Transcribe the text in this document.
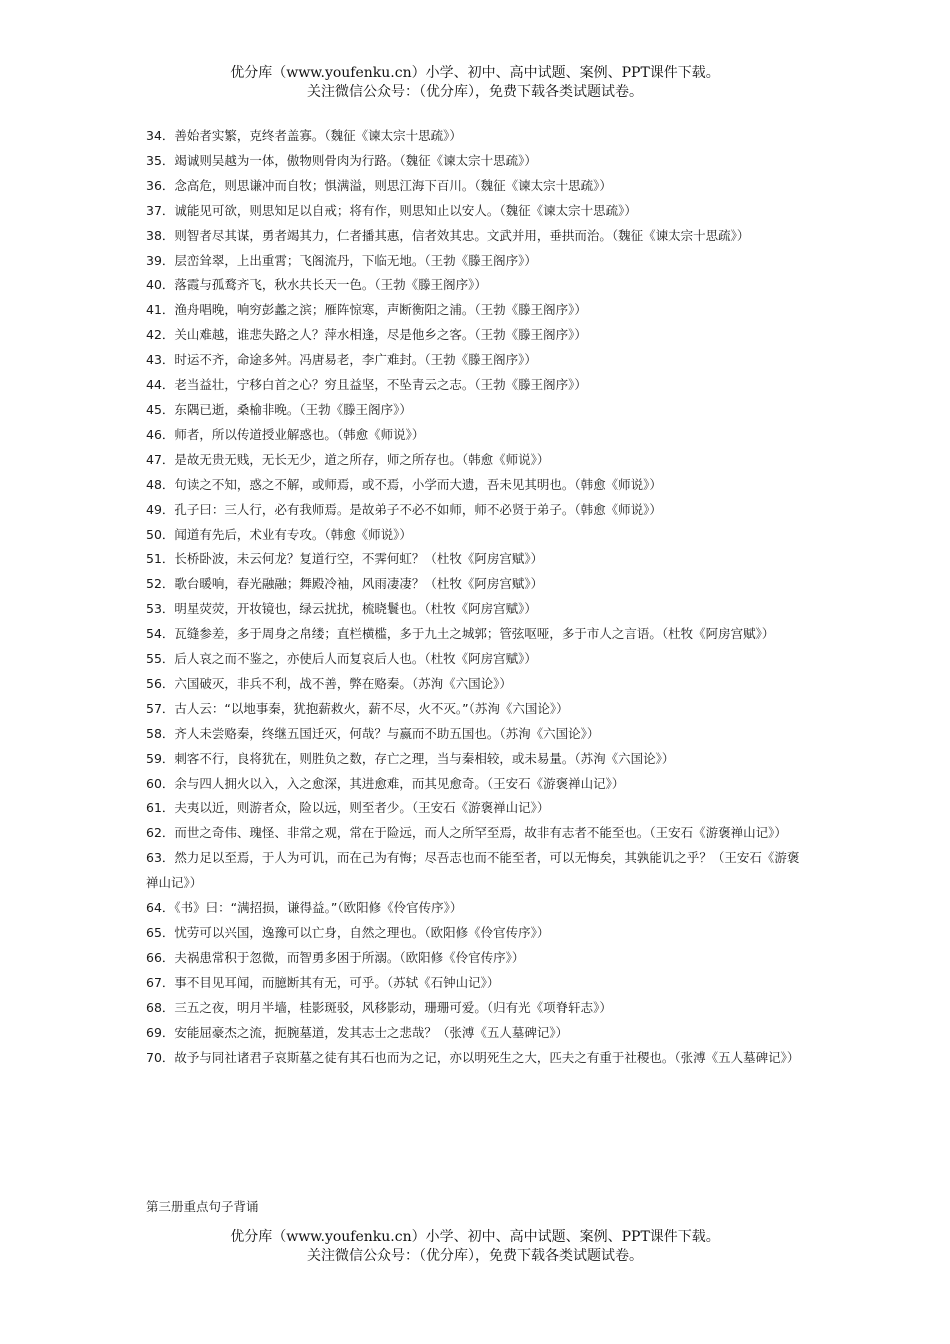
优分库（www.youfenku.cn）小学、初中、高中试题、案例、PPT课件下载。
关注微信公众号：（优分库），免费下载各类试题试卷。

34．善始者实繁，克终者盖寡。（魏征《谏太宗十思疏》）

35．竭诚则吴越为一体，傲物则骨肉为行路。（魏征《谏太宗十思疏》）

36．念高危，则思谦冲而自牧；惧满溢，则思江海下百川。（魏征《谏太宗十思疏》）

37．诚能见可欲，则思知足以自戒；将有作，则思知止以安人。（魏征《谏太宗十思疏》）

38．则智者尽其谋，勇者竭其力，仁者播其惠，信者效其忠。文武并用，垂拱而治。（魏征《谏太宗十思疏》）

39．层峦耸翠，上出重霄；飞阁流丹，下临无地。（王勃《滕王阁序》）

40．落霞与孤鹜齐飞，秋水共长天一色。（王勃《滕王阁序》）

41．渔舟唱晚，响穷彭蠡之滨；雁阵惊寒，声断衡阳之浦。（王勃《滕王阁序》）

42．关山难越，谁悲失路之人？萍水相逢，尽是他乡之客。（王勃《滕王阁序》）

43．时运不齐，命途多舛。冯唐易老，李广难封。（王勃《滕王阁序》）

44．老当益壮，宁移白首之心？穷且益坚，不坠青云之志。（王勃《滕王阁序》）

45．东隅已逝，桑榆非晚。（王勃《滕王阁序》）

46．师者，所以传道授业解惑也。（韩愈《师说》）

47．是故无贵无贱，无长无少，道之所存，师之所存也。（韩愈《师说》）

48．句读之不知，惑之不解，或师焉，或不焉，小学而大遗，吾未见其明也。（韩愈《师说》）

49．孔子曰：三人行，必有我师焉。是故弟子不必不如师，师不必贤于弟子。（韩愈《师说》）

50．闻道有先后，术业有专攻。（韩愈《师说》）

51．长桥卧波，未云何龙？复道行空，不霁何虹？（杜牧《阿房宫赋》）

52．歌台暖响，春光融融；舞殿冷袖，风雨凄凄？（杜牧《阿房宫赋》）

53．明星荧荧，开妆镜也，绿云扰扰，梳晓鬟也。（杜牧《阿房宫赋》）

54．瓦缝参差，多于周身之帛缕；直栏横槛，多于九土之城郭；管弦呕哑，多于市人之言语。（杜牧《阿房宫赋》）

55．后人哀之而不鉴之，亦使后人而复哀后人也。（杜牧《阿房宫赋》）

56．六国破灭，非兵不利，战不善，弊在赂秦。（苏洵《六国论》）

57．古人云：“以地事秦，犹抱薪救火，薪不尽，火不灭。”（苏洵《六国论》）

58．齐人未尝赂秦，终继五国迁灭，何哉？与嬴而不助五国也。（苏洵《六国论》）

59．刺客不行，良将犹在，则胜负之数，存亡之理，当与秦相较，或未易量。（苏洵《六国论》）

60．余与四人拥火以入，入之愈深，其进愈难，而其见愈奇。（王安石《游褒禅山记》）

61．夫夷以近，则游者众，险以远，则至者少。（王安石《游褒禅山记》）

62．而世之奇伟、瑰怪、非常之观，常在于险远，而人之所罕至焉，故非有志者不能至也。（王安石《游褒禅山记》）

63．然力足以至焉，于人为可讥，而在己为有悔；尽吾志也而不能至者，可以无悔矣，其孰能讥之乎？（王安石《游褒禅山记》）

64．《书》曰：“满招损，谦得益。”（欧阳修《伶官传序》）

65．忧劳可以兴国，逸豫可以亡身，自然之理也。（欧阳修《伶官传序》）

66．夫祸患常积于忽微，而智勇多困于所溺。（欧阳修《伶官传序》）

67．事不目见耳闻，而臆断其有无，可乎。（苏轼《石钟山记》）

68．三五之夜，明月半墙，桂影斑驳，风移影动，珊珊可爱。（归有光《项脊轩志》）

69．安能屈豪杰之流，扼腕墓道，发其志士之悲哉？（张溥《五人墓碑记》）

70．故予与同社诸君子哀斯墓之徒有其石也而为之记，亦以明死生之大，匹夫之有重于社稷也。（张溥《五人墓碑记》）

第三册重点句子背诵
优分库（www.youfenku.cn）小学、初中、高中试题、案例、PPT课件下载。
关注微信公众号：（优分库），免费下载各类试题试卷。
